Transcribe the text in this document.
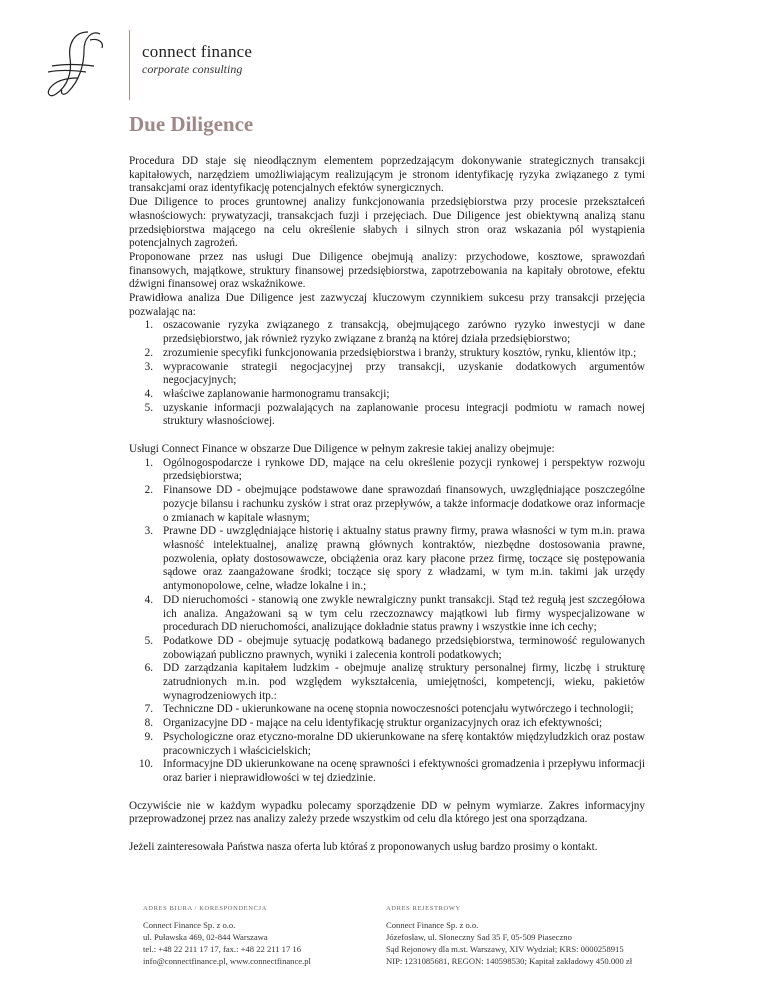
connect finance
corporate consulting
Due Diligence

Procedura DD staje się nieodłącznym elementem poprzedzającym dokonywanie strategicznych transakcji kapitałowych, narzędziem umożliwiającym realizującym je stronom identyfikację ryzyka związanego z tymi transakcjami oraz identyfikację potencjalnych efektów synergicznych.

Due Diligence to proces gruntownej analizy funkcjonowania przedsiębiorstwa przy procesie przekształceń własnościowych: prywatyzacji, transakcjach fuzji i przejęciach. Due Diligence jest obiektywną analizą stanu przedsiębiorstwa mającego na celu określenie słabych i silnych stron oraz wskazania pól wystąpienia potencjalnych zagrożeń.

Proponowane przez nas usługi Due Diligence obejmują analizy: przychodowe, kosztowe, sprawozdań finansowych, majątkowe, struktury finansowej przedsiębiorstwa, zapotrzebowania na kapitały obrotowe, efektu dźwigni finansowej oraz wskaźnikowe.

Prawidłowa analiza Due Diligence jest zazwyczaj kluczowym czynnikiem sukcesu przy transakcji przejęcia pozwalając na:

1. oszacowanie ryzyka związanego z transakcją, obejmującego zarówno ryzyko inwestycji w dane przedsiębiorstwo, jak również ryzyko związane z branżą na której działa przedsiębiorstwo;
2. zrozumienie specyfiki funkcjonowania przedsiębiorstwa i branży, struktury kosztów, rynku, klientów itp.;
3. wypracowanie strategii negocjacyjnej przy transakcji, uzyskanie dodatkowych argumentów negocjacyjnych;
4. właściwe zaplanowanie harmonogramu transakcji;
5. uzyskanie informacji pozwalających na zaplanowanie procesu integracji podmiotu w ramach nowej struktury własnościowej.

Usługi Connect Finance w obszarze Due Diligence w pełnym zakresie takiej analizy obejmuje:

1. Ogólnogospodarcze i rynkowe DD, mające na celu określenie pozycji rynkowej i perspektyw rozwoju przedsiębiorstwa;
2. Finansowe DD - obejmujące podstawowe dane sprawozdań finansowych, uwzględniające poszczególne pozycje bilansu i rachunku zysków i strat oraz przepływów, a także informacje dodatkowe oraz informacje o zmianach w kapitale własnym;
3. Prawne DD - uwzględniające historię i aktualny status prawny firmy, prawa własności w tym m.in. prawa własność intelektualnej, analizę prawną głównych kontraktów, niezbędne dostosowania prawne, pozwolenia, opłaty dostosowawcze, obciążenia oraz kary płacone przez firmę, toczące się postępowania sądowe oraz zaangażowane środki; toczące się spory z władzami, w tym m.in. takimi jak urzędy antymonopolowe, celne, władze lokalne i in.;
4. DD nieruchomości - stanowią one zwykle newralgiczny punkt transakcji. Stąd też regułą jest szczegółowa ich analiza. Angażowani są w tym celu rzeczoznawcy majątkowi lub firmy wyspecjalizowane w procedurach DD nieruchomości, analizujące dokładnie status prawny i wszystkie inne ich cechy;
5. Podatkowe DD - obejmuje sytuację podatkową badanego przedsiębiorstwa, terminowość regulowanych zobowiązań publiczno prawnych, wyniki i zalecenia kontroli podatkowych;
6. DD zarządzania kapitałem ludzkim - obejmuje analizę struktury personalnej firmy, liczbę i strukturę zatrudnionych m.in. pod względem wykształcenia, umiejętności, kompetencji, wieku, pakietów wynagrodzeniowych itp.:
7. Techniczne DD - ukierunkowane na ocenę stopnia nowoczesności potencjału wytwórczego i technologii;
8. Organizacyjne DD - mające na celu identyfikację struktur organizacyjnych oraz ich efektywności;
9. Psychologiczne oraz etyczno-moralne DD ukierunkowane na sferę kontaktów międzyludzkich oraz postaw pracowniczych i właścicielskich;
10. Informacyjne DD ukierunkowane na ocenę sprawności i efektywności gromadzenia i przepływu informacji oraz barier i nieprawidłowości w tej dziedzinie.

Oczywiście nie w każdym wypadku polecamy sporządzenie DD w pełnym wymiarze. Zakres informacyjny przeprowadzonej przez nas analizy zależy przede wszystkim od celu dla którego jest ona sporządzana.

Jeżeli zainteresowała Państwa nasza oferta lub któraś z proponowanych usług bardzo prosimy o kontakt.

ADRES BIURA / KORESPONDENCJA
Connect Finance Sp. z o.o.
ul. Puławska 469, 02-844 Warszawa
tel.: +48 22 211 17 17, fax.: +48 22 211 17 16
info@connectfinance.pl, www.connectfinance.pl
ADRES REJESTROWY
Connect Finance Sp. z o.o.
Józefosław, ul. Słoneczny Sad 35 F, 05-509 Piaseczno
Sąd Rejonowy dla m.st. Warszawy, XIV Wydział; KRS: 0000258915
NIP: 1231085681, REGON: 140598530; Kapitał zakładowy 450.000 zł
